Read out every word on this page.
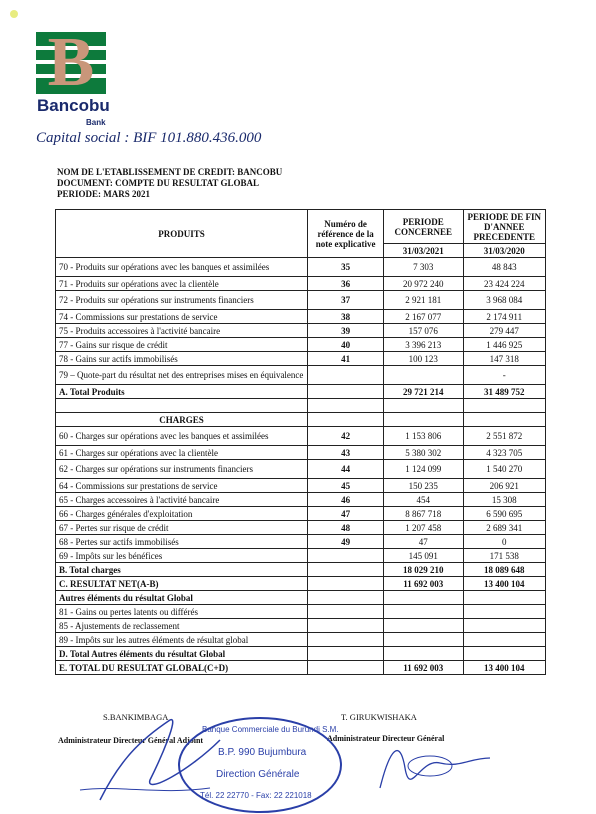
B
Bancobu
Bank
Capital social : BIF 101.880.436.000
NOM DE L'ETABLISSEMENT DE CREDIT: BANCOBU
DOCUMENT: COMPTE DU RESULTAT GLOBAL
PERIODE: MARS 2021
PRODUITS	Numéro de référence de la note explicative	PERIODE CONCERNEE	PERIODE DE FIN D'ANNEE PRECEDENTE
		31/03/2021	31/03/2020
70 - Produits sur opérations avec les banques et assimilées	35	7 303	48 843
71 - Produits sur opérations avec la clientèle	36	20 972 240	23 424 224
72 - Produits sur opérations sur instruments financiers	37	2 921 181	3 968 084
74 - Commissions sur prestations de service	38	2 167 077	2 174 911
75 - Produits accessoires à l'activité bancaire	39	157 076	279 447
77 - Gains sur risque de crédit	40	3 396 213	1 446 925
78 - Gains sur actifs immobilisés	41	100 123	147 318
79 – Quote-part du résultat net des entreprises mises en équivalence			-
A. Total Produits		29 721 214	31 489 752

CHARGES			
60 - Charges sur opérations avec les banques et assimilées	42	1 153 806	2 551 872
61 - Charges sur opérations avec la clientèle	43	5 380 302	4 323 705
62 - Charges sur opérations sur instruments financiers	44	1 124 099	1 540 270
64 - Commissions sur prestations de service	45	150 235	206 921
65 - Charges accessoires à l'activité bancaire	46	454	15 308
66 - Charges générales d'exploitation	47	8 867 718	6 590 695
67 - Pertes sur risque de crédit	48	1 207 458	2 689 341
68 - Pertes sur actifs immobilisés	49	47	0
69 - Impôts sur les bénéfices		145 091	171 538
B. Total charges		18 029 210	18 089 648
C. RESULTAT NET(A-B)		11 692 003	13 400 104
Autres éléments du résultat Global			
81 - Gains ou pertes latents ou différés			
85 - Ajustements de reclassement			
89 - Impôts sur les autres éléments de résultat global			
D. Total Autres éléments du résultat Global			
E. TOTAL DU RESULTAT GLOBAL(C+D)		11 692 003	13 400 104
S.BANKIMBAGA
Administrateur Directeur Général Adjoint
T. GIRUKWISHAKA
Administrateur Directeur Général
Banque Commerciale du Burundi S.M.
B.P. 990 Bujumbura
Direction Générale
Tél. 22 22770 - Fax: 22 221018
